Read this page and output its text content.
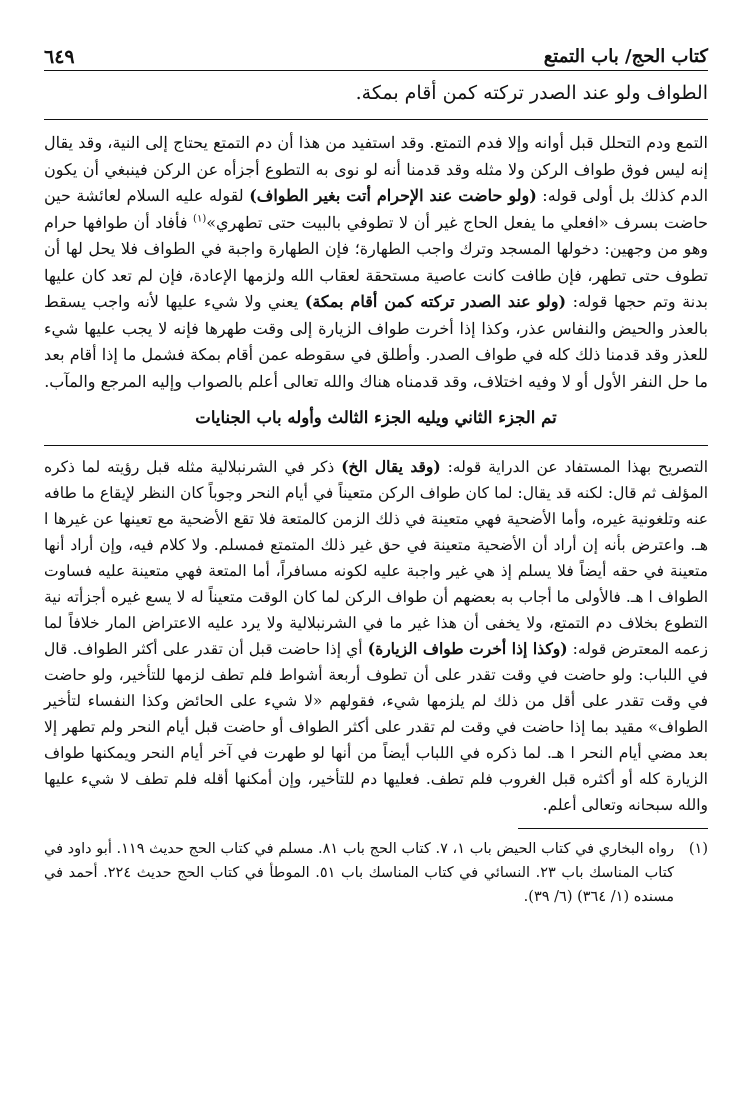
كتاب الحج/ باب التمتع
٦٤٩
الطواف ولو عند الصدر تركته كمن أقام بمكة.
التمع ودم التحلل قبل أوانه وإلا فدم التمتع. وقد استفيد من هذا أن دم التمتع يحتاج إلى النية، وقد يقال إنه ليس فوق طواف الركن ولا مثله وقد قدمنا أنه لو نوى به التطوع أجزأه عن الركن فينبغي أن يكون الدم كذلك بل أولى قوله: (ولو حاضت عند الإحرام أتت بغير الطواف) لقوله عليه السلام لعائشة حين حاضت بسرف «افعلي ما يفعل الحاج غير أن لا تطوفي بالبيت حتى تطهري»$^{(١)}$ فأفاد أن طوافها حرام وهو من وجهين: دخولها المسجد وترك واجب الطهارة؛ فإن الطهارة واجبة في الطواف فلا يحل لها أن تطوف حتى تطهر، فإن طافت كانت عاصية مستحقة لعقاب الله ولزمها الإعادة، فإن لم تعد كان عليها بدنة وتم حجها قوله: (ولو عند الصدر تركته كمن أقام بمكة) يعني ولا شيء عليها لأنه واجب يسقط بالعذر والحيض والنفاس عذر، وكذا إذا أخرت طواف الزيارة إلى وقت طهرها فإنه لا يجب عليها شيء للعذر وقد قدمنا ذلك كله في طواف الصدر. وأطلق في سقوطه عمن أقام بمكة فشمل ما إذا أقام بعد ما حل النفر الأول أو لا وفيه اختلاف، وقد قدمناه هناك والله تعالى أعلم بالصواب وإليه المرجع والمآب.
تم الجزء الثاني ويليه الجزء الثالث وأوله باب الجنايات
التصريح بهذا المستفاد عن الدراية قوله: (وقد يقال الخ) ذكر في الشرنبلالية مثله قبل رؤيته لما ذكره المؤلف ثم قال: لكنه قد يقال: لما كان طواف الركن متعيناً في أيام النحر وجوباً كان النظر لإيقاع ما طافه عنه وتلغونية غيره، وأما الأضحية فهي متعينة في ذلك الزمن كالمتعة فلا تقع الأضحية مع تعينها عن غيرها ا هـ. واعترض بأنه إن أراد أن الأضحية متعينة في حق غير ذلك المتمتع فمسلم. ولا كلام فيه، وإن أراد أنها متعينة في حقه أيضاً فلا يسلم إذ هي غير واجبة عليه لكونه مسافراً، أما المتعة فهي متعينة عليه فساوت الطواف ا هـ. فالأولى ما أجاب به بعضهم أن طواف الركن لما كان الوقت متعيناً له لا يسع غيره أجزأته نية التطوع بخلاف دم التمتع، ولا يخفى أن هذا غير ما في الشرنبلالية ولا يرد عليه الاعتراض المار خلافاً لما زعمه المعترض قوله: (وكذا إذا أخرت طواف الزيارة) أي إذا حاضت قبل أن تقدر على أكثر الطواف. قال في اللباب: ولو حاضت في وقت تقدر على أن تطوف أربعة أشواط فلم تطف لزمها للتأخير، ولو حاضت في وقت تقدر على أقل من ذلك لم يلزمها شيء، فقولهم «لا شيء على الحائض وكذا النفساء لتأخير الطواف» مقيد بما إذا حاضت في وقت لم تقدر على أكثر الطواف أو حاضت قبل أيام النحر ولم تطهر إلا بعد مضي أيام النحر ا هـ. لما ذكره في اللباب أيضاً من أنها لو طهرت في آخر أيام النحر ويمكنها طواف الزيارة كله أو أكثره قبل الغروب فلم تطف. فعليها دم للتأخير، وإن أمكنها أقله فلم تطف لا شيء عليها والله سبحانه وتعالى أعلم.
(١)
رواه البخاري في كتاب الحيض باب ١، ٧. كتاب الحج باب ٨١. مسلم في كتاب الحج حديث ١١٩. أبو داود في كتاب المناسك باب ٢٣. النسائي في كتاب المناسك باب ٥١. الموطأ في كتاب الحج حديث ٢٢٤. أحمد في مسنده (١/ ٣٦٤) (٦/ ٣٩).
